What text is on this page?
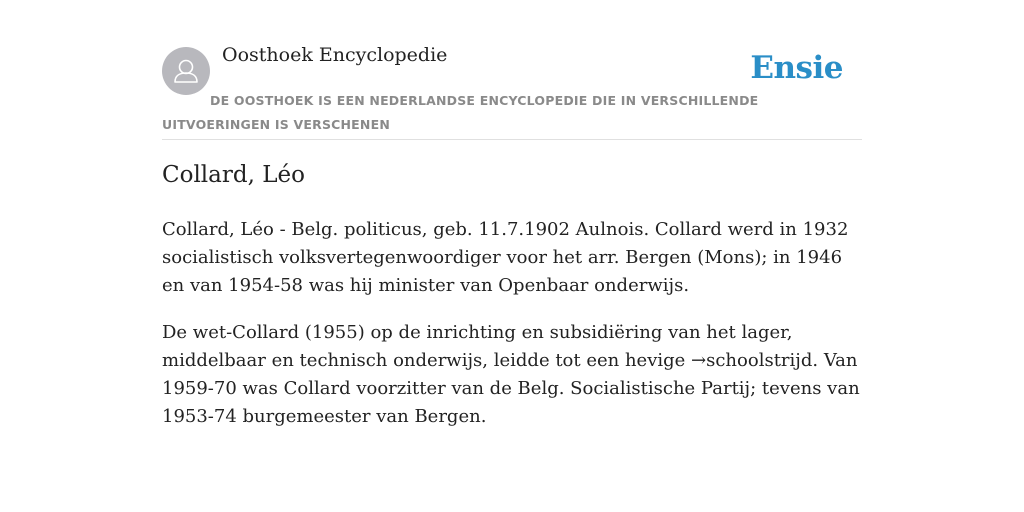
Oosthoek Encyclopedie	Ensie
DE OOSTHOEK IS EEN NEDERLANDSE ENCYCLOPEDIE DIE IN VERSCHILLENDE UITVOERINGEN IS VERSCHENEN
Collard, Léo

Collard, Léo - Belg. politicus, geb. 11.7.1902 Aulnois. Collard werd in 1932 socialistisch volksvertegenwoordiger voor het arr. Bergen (Mons); in 1946 en van 1954-58 was hij minister van Openbaar onderwijs.

De wet-Collard (1955) op de inrichting en subsidiëring van het lager, middelbaar en technisch onderwijs, leidde tot een hevige →schoolstrijd. Van 1959-70 was Collard voorzitter van de Belg. Socialistische Partij; tevens van 1953-74 burgemeester van Bergen.
